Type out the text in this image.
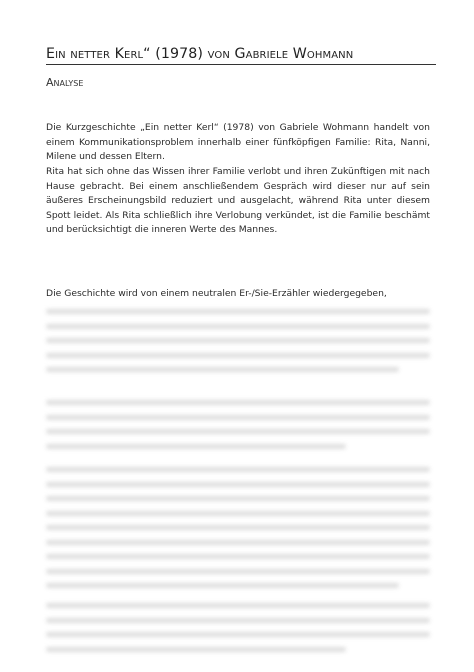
Ein netter Kerl“ (1978) von Gabriele Wohmann
Analyse

Die Kurzgeschichte „Ein netter Kerl“ (1978) von Gabriele Wohmann handelt von einem Kommunikationsproblem innerhalb einer fünfköpfigen Familie: Rita, Nanni, Milene und dessen Eltern.

Rita hat sich ohne das Wissen ihrer Familie verlobt und ihren Zukünftigen mit nach Hause gebracht. Bei einem anschließendem Gespräch wird dieser nur auf sein äußeres Erscheinungsbild reduziert und ausgelacht, während Rita unter diesem Spott leidet. Als Rita schließlich ihre Verlobung verkündet, ist die Familie beschämt und berücksichtigt die inneren Werte des Mannes.

Die Geschichte wird von einem neutralen Er-/Sie-Erzähler wiedergegeben,
